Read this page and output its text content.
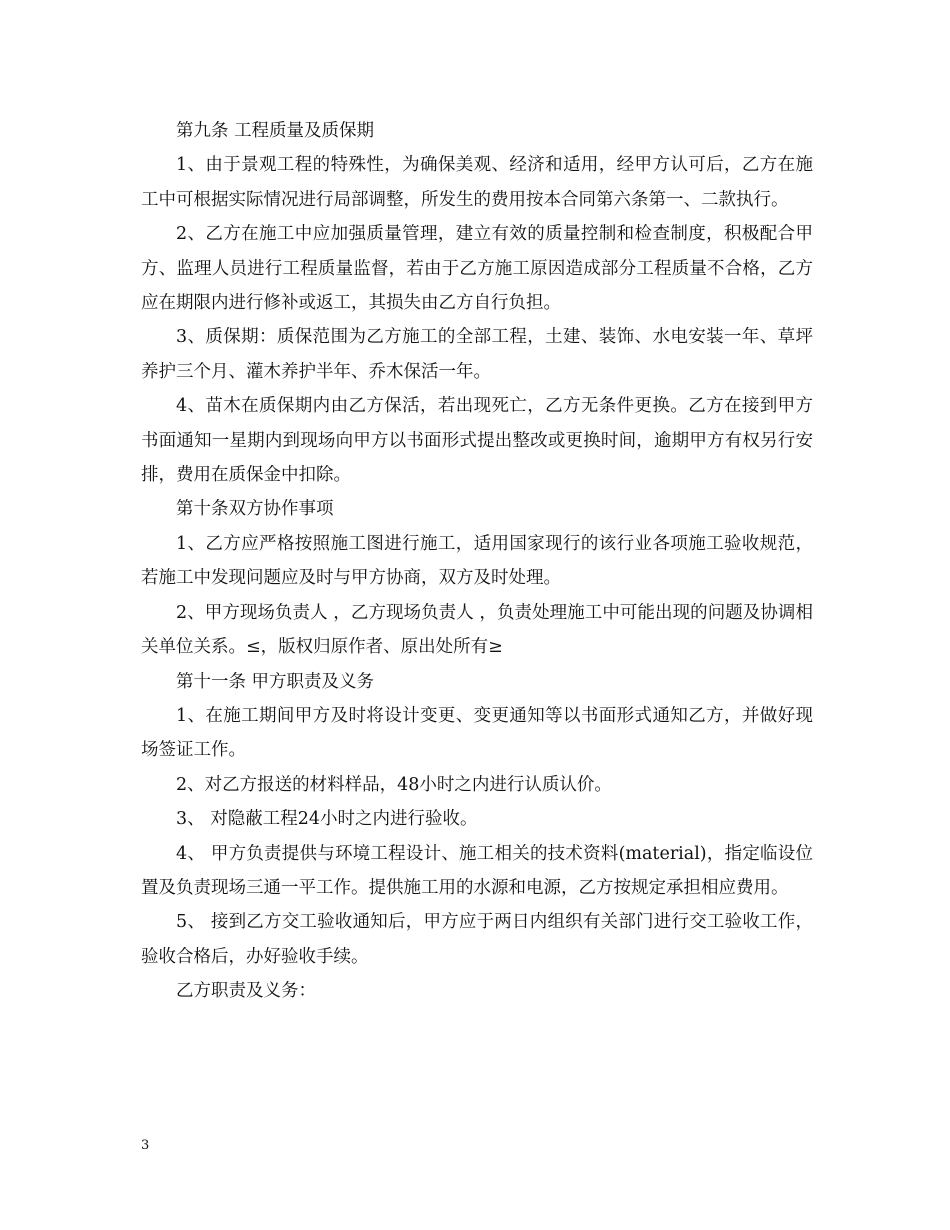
第九条 工程质量及质保期

1、由于景观工程的特殊性，为确保美观、经济和适用，经甲方认可后，乙方在施工中可根据实际情况进行局部调整，所发生的费用按本合同第六条第一、二款执行。

2、乙方在施工中应加强质量管理，建立有效的质量控制和检查制度，积极配合甲方、监理人员进行工程质量监督，若由于乙方施工原因造成部分工程质量不合格，乙方应在期限内进行修补或返工，其损失由乙方自行负担。

3、质保期：质保范围为乙方施工的全部工程，土建、装饰、水电安装一年、草坪养护三个月、灌木养护半年、乔木保活一年。

4、苗木在质保期内由乙方保活，若出现死亡，乙方无条件更换。乙方在接到甲方书面通知一星期内到现场向甲方以书面形式提出整改或更换时间，逾期甲方有权另行安排，费用在质保金中扣除。

第十条双方协作事项

1、乙方应严格按照施工图进行施工，适用国家现行的该行业各项施工验收规范，若施工中发现问题应及时与甲方协商，双方及时处理。

2、甲方现场负责人 ，乙方现场负责人 ，负责处理施工中可能出现的问题及协调相关单位关系。≤，版权归原作者、原出处所有≥

第十一条 甲方职责及义务

1、在施工期间甲方及时将设计变更、变更通知等以书面形式通知乙方，并做好现场签证工作。

2、对乙方报送的材料样品，48小时之内进行认质认价。

3、 对隐蔽工程24小时之内进行验收。

4、 甲方负责提供与环境工程设计、施工相关的技术资料(material)，指定临设位置及负责现场三通一平工作。提供施工用的水源和电源，乙方按规定承担相应费用。

5、 接到乙方交工验收通知后，甲方应于两日内组织有关部门进行交工验收工作，验收合格后，办好验收手续。

乙方职责及义务：

3
